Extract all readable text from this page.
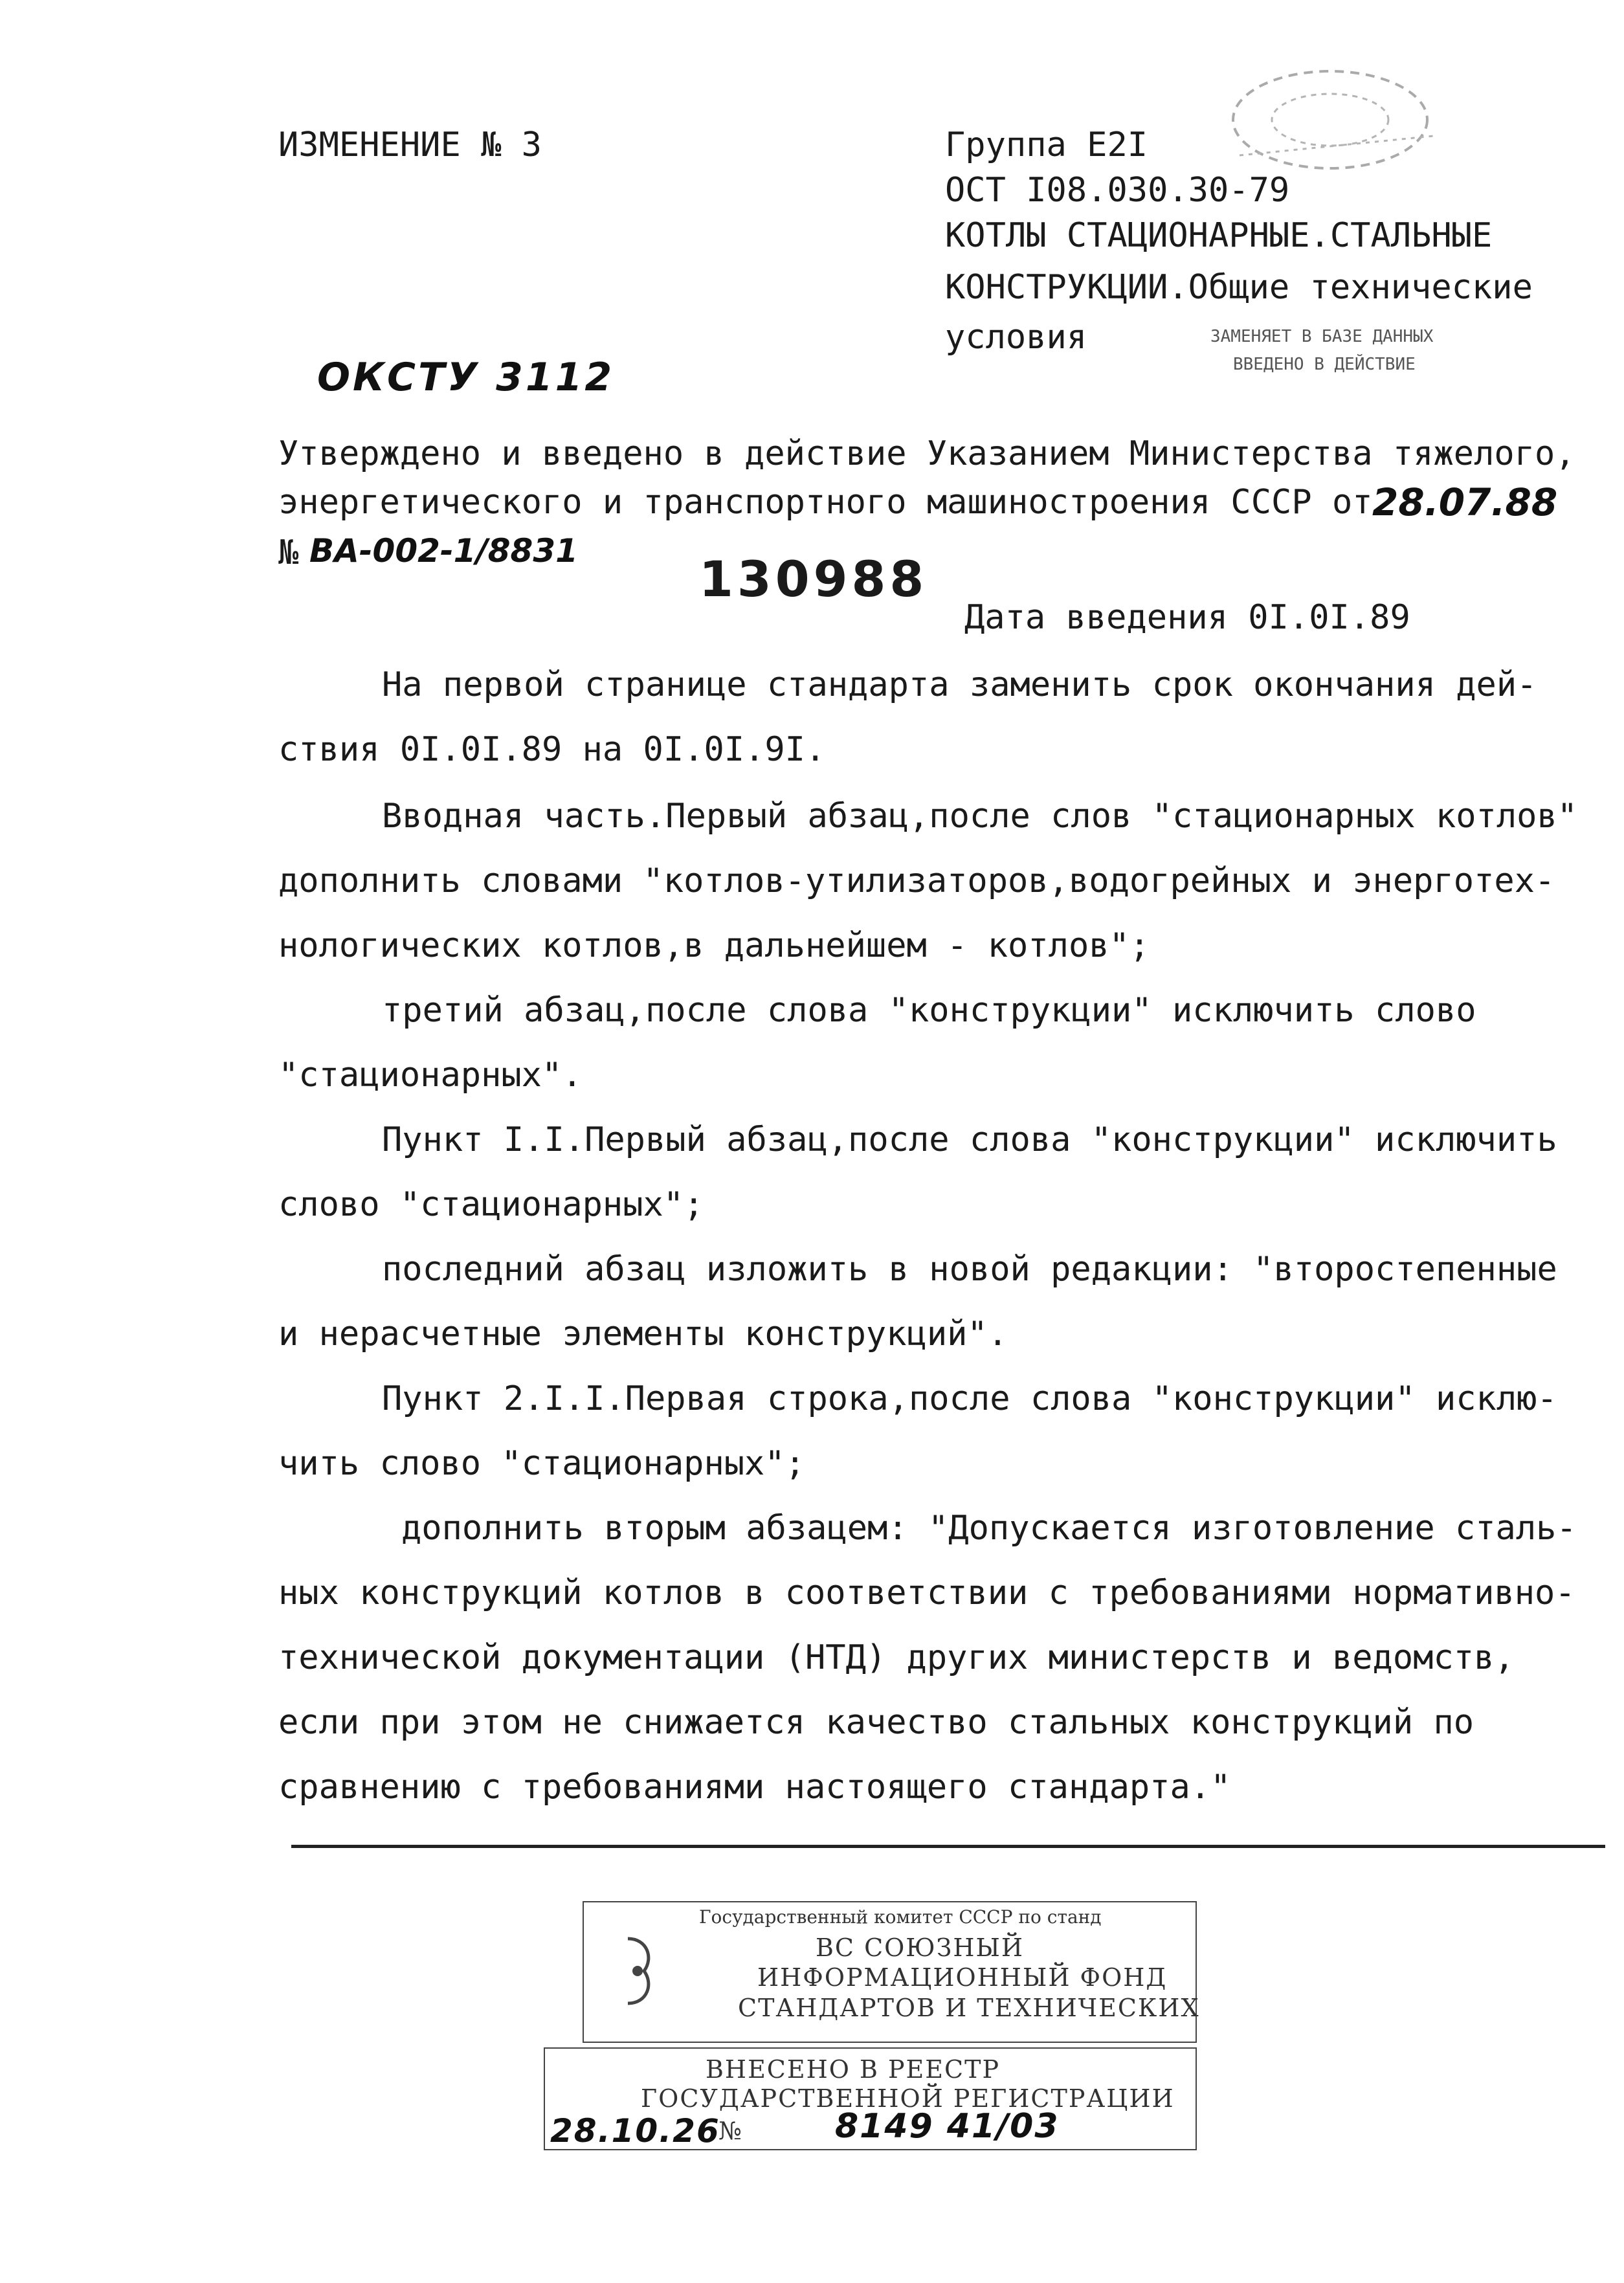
ЗАМЕНЯЕТ В БАЗЕ ДАННЫХ
ВВЕДЕНО В ДЕЙСТВИЕ
ИЗМЕНЕНИЕ № 3	Группа Е2I
ОСТ I08.030.30-79
КОТЛЫ СТАЦИОНАРНЫЕ.СТАЛЬНЫЕ
КОНСТРУКЦИИ.Общие технические
условия
ОКСТУ 3112
Утверждено и введено в действие Указанием Министерства тяжелого,
энергетического и транспортного машиностроения СССР от 28.07.88
№ ВА-002-1/8831 130988
Дата введения 0I.0I.89
На первой странице стандарта заменить срок окончания дей-
ствия 0I.0I.89 на 0I.0I.9I.
Вводная часть.Первый абзац,после слов "стационарных котлов"
дополнить словами "котлов-утилизаторов,водогрейных и энерготех-
нологических котлов,в дальнейшем - котлов";
третий абзац,после слова "конструкции" исключить слово
"стационарных".
Пункт I.I.Первый абзац,после слова "конструкции" исключить
слово "стационарных";
последний абзац изложить в новой редакции: "второстепенные
и нерасчетные элементы конструкций".
Пункт 2.I.I.Первая строка,после слова "конструкции" исклю-
чить слово "стационарных";
дополнить вторым абзацем: "Допускается изготовление сталь-
ных конструкций котлов в соответствии с требованиями нормативно-
технической документации (НТД) других министерств и ведомств,
если при этом не снижается качество стальных конструкций по
сравнению с требованиями настоящего стандарта."
Государственный комитет СССР по станд
ВС СОЮЗНЫЙ
ИНФОРМАЦИОННЫЙ ФОНД
СТАНДАРТОВ И ТЕХНИЧЕСКИХ
ВНЕСЕНО В РЕЕСТР
ГОСУДАРСТВЕННОЙ РЕГИСТРАЦИИ
28.10.26
№	8149 41/03
